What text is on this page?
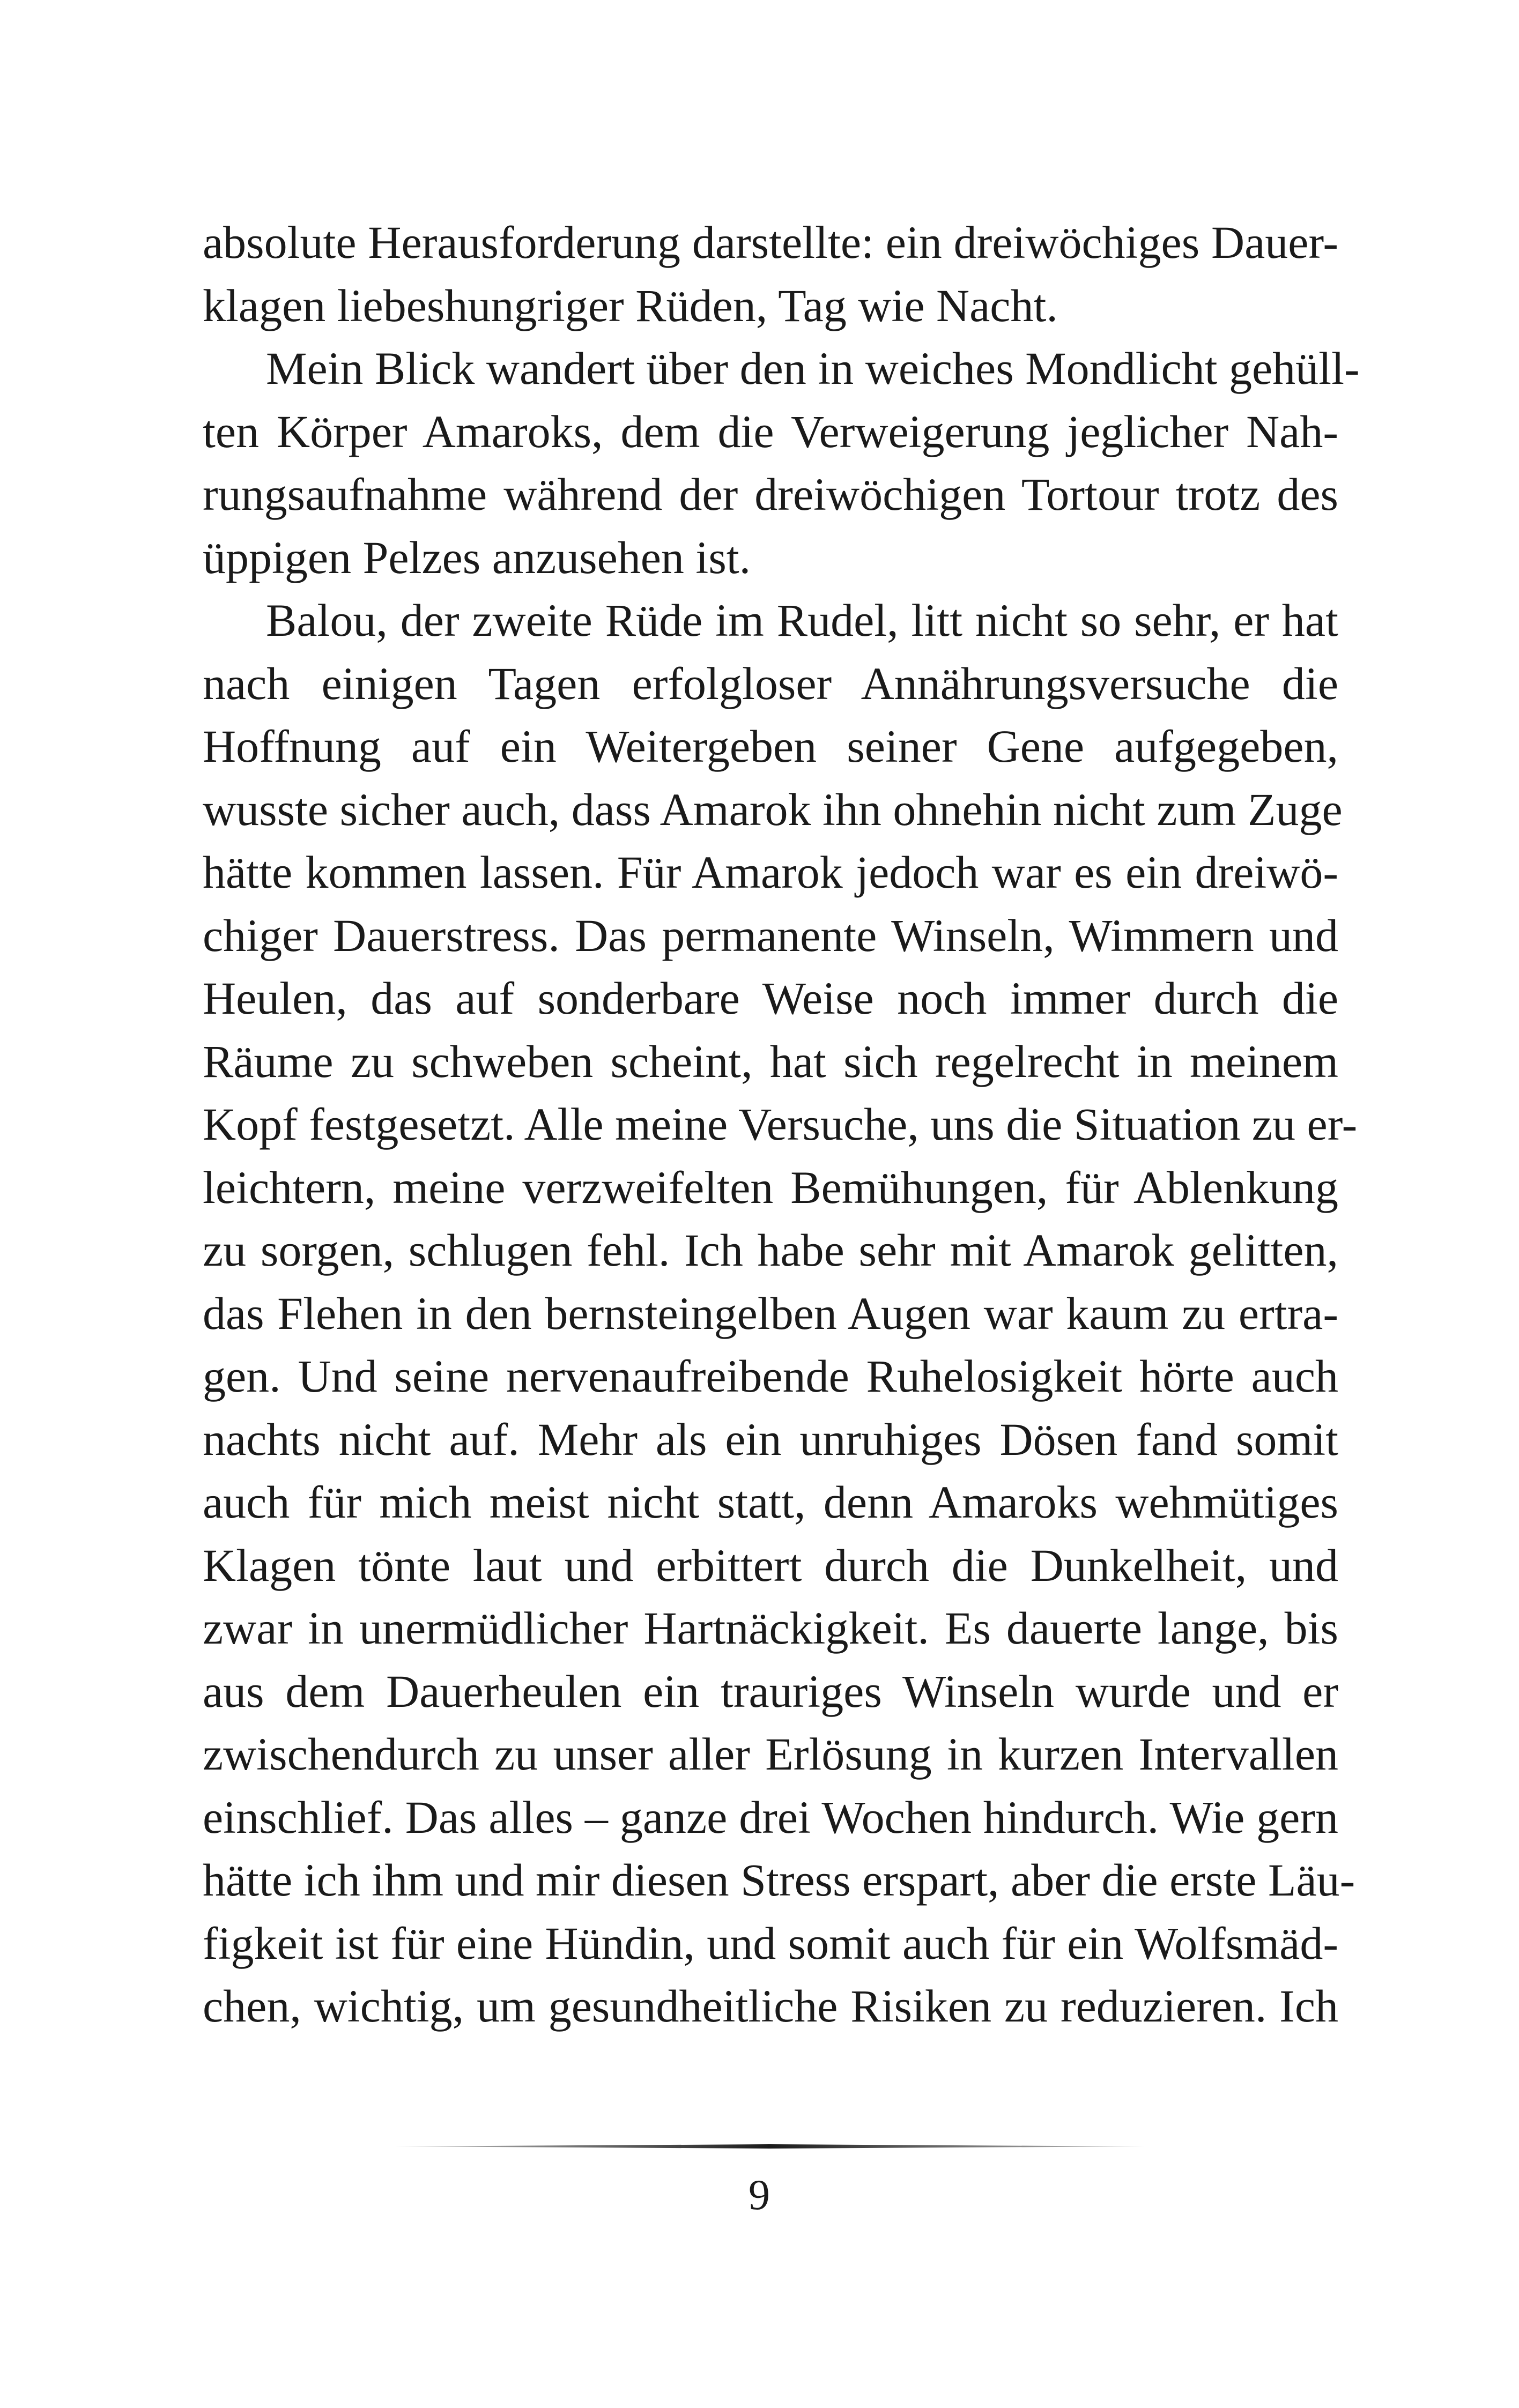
absolute Herausforderung darstellte: ein dreiwöchiges Dauer-
klagen liebeshungriger Rüden, Tag wie Nacht.
Mein Blick wandert über den in weiches Mondlicht gehüll-
ten Körper Amaroks, dem die Verweigerung jeglicher Nah-
rungsaufnahme während der dreiwöchigen Tortour trotz des
üppigen Pelzes anzusehen ist.
Balou, der zweite Rüde im Rudel, litt nicht so sehr, er hat
nach einigen Tagen erfolgloser Annährungsversuche die
Hoffnung auf ein Weitergeben seiner Gene aufgegeben,
wusste sicher auch, dass Amarok ihn ohnehin nicht zum Zuge
hätte kommen lassen. Für Amarok jedoch war es ein dreiwö-
chiger Dauerstress. Das permanente Winseln, Wimmern und
Heulen, das auf sonderbare Weise noch immer durch die
Räume zu schweben scheint, hat sich regelrecht in meinem
Kopf festgesetzt. Alle meine Versuche, uns die Situation zu er-
leichtern, meine verzweifelten Bemühungen, für Ablenkung
zu sorgen, schlugen fehl. Ich habe sehr mit Amarok gelitten,
das Flehen in den bernsteingelben Augen war kaum zu ertra-
gen. Und seine nervenaufreibende Ruhelosigkeit hörte auch
nachts nicht auf. Mehr als ein unruhiges Dösen fand somit
auch für mich meist nicht statt, denn Amaroks wehmütiges
Klagen tönte laut und erbittert durch die Dunkelheit, und
zwar in unermüdlicher Hartnäckigkeit. Es dauerte lange, bis
aus dem Dauerheulen ein trauriges Winseln wurde und er
zwischendurch zu unser aller Erlösung in kurzen Intervallen
einschlief. Das alles – ganze drei Wochen hindurch. Wie gern
hätte ich ihm und mir diesen Stress erspart, aber die erste Läu-
figkeit ist für eine Hündin, und somit auch für ein Wolfsmäd-
chen, wichtig, um gesundheitliche Risiken zu reduzieren. Ich
9
